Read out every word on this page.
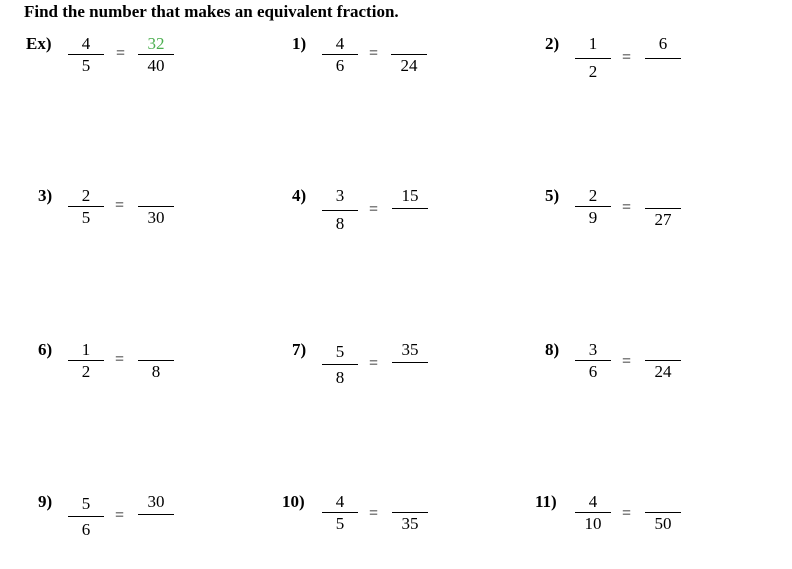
Find the number that makes an equivalent fraction.
Ex)	4
5
=
32
40
1)	4
6
=
24
2)	1
2
=
6
3)	2
5
=
30
4)	3
8
=
15	5)	2
9
=
27
6)	1
2
=
8
7)	5
8
=
35	8)	3
6
=
24
9)	5
6
=
30	10)	4
5
=
35
11)	4
10
=
50
